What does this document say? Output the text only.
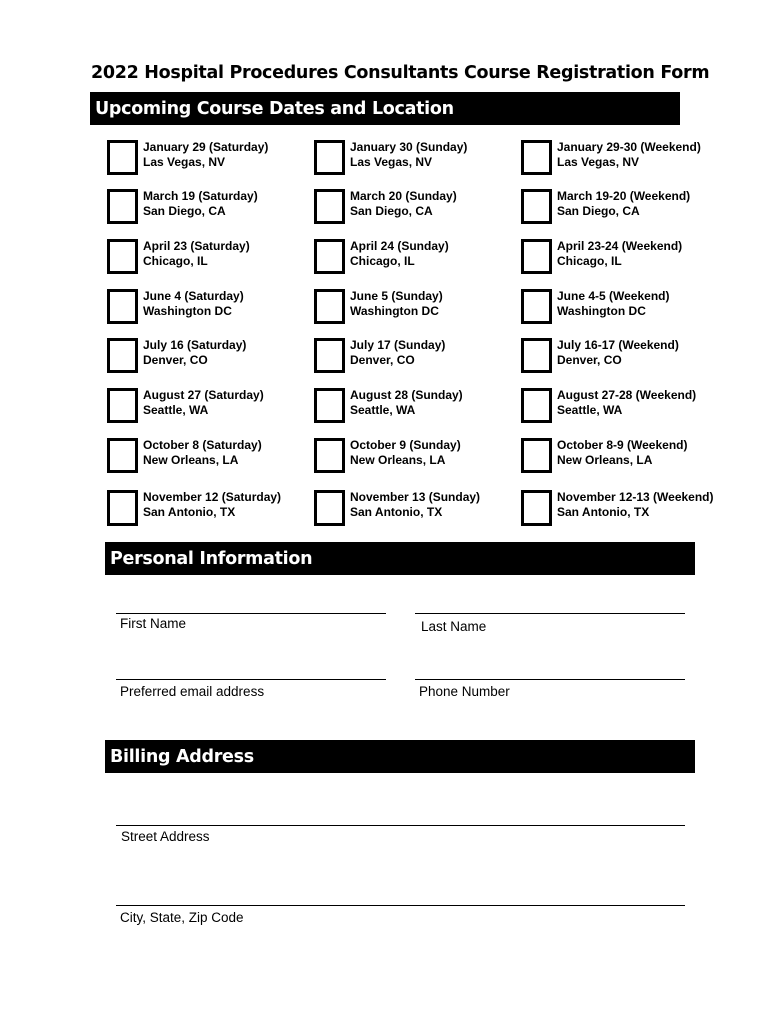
2022 Hospital Procedures Consultants Course Registration Form
Upcoming Course Dates and Location
January 29 (Saturday)
Las Vegas, NV
January 30 (Sunday)
Las Vegas, NV
January 29-30 (Weekend)
Las Vegas, NV
March 19 (Saturday)
San Diego, CA
March 20 (Sunday)
San Diego, CA
March 19-20 (Weekend)
San Diego, CA
April 23 (Saturday)
Chicago, IL
April 24 (Sunday)
Chicago, IL
April 23-24 (Weekend)
Chicago, IL
June 4 (Saturday)
Washington DC
June 5 (Sunday)
Washington DC
June 4-5 (Weekend)
Washington DC
July 16 (Saturday)
Denver, CO
July 17 (Sunday)
Denver, CO
July 16-17 (Weekend)
Denver, CO
August 27 (Saturday)
Seattle, WA
August 28 (Sunday)
Seattle, WA
August 27-28 (Weekend)
Seattle, WA
October 8 (Saturday)
New Orleans, LA
October 9 (Sunday)
New Orleans, LA
October 8-9 (Weekend)
New Orleans, LA
November 12 (Saturday)
San Antonio, TX
November 13 (Sunday)
San Antonio, TX
November 12-13 (Weekend)
San Antonio, TX
Personal Information
First Name	Last Name
Preferred email address	Phone Number
Billing Address
Street Address
City, State, Zip Code
